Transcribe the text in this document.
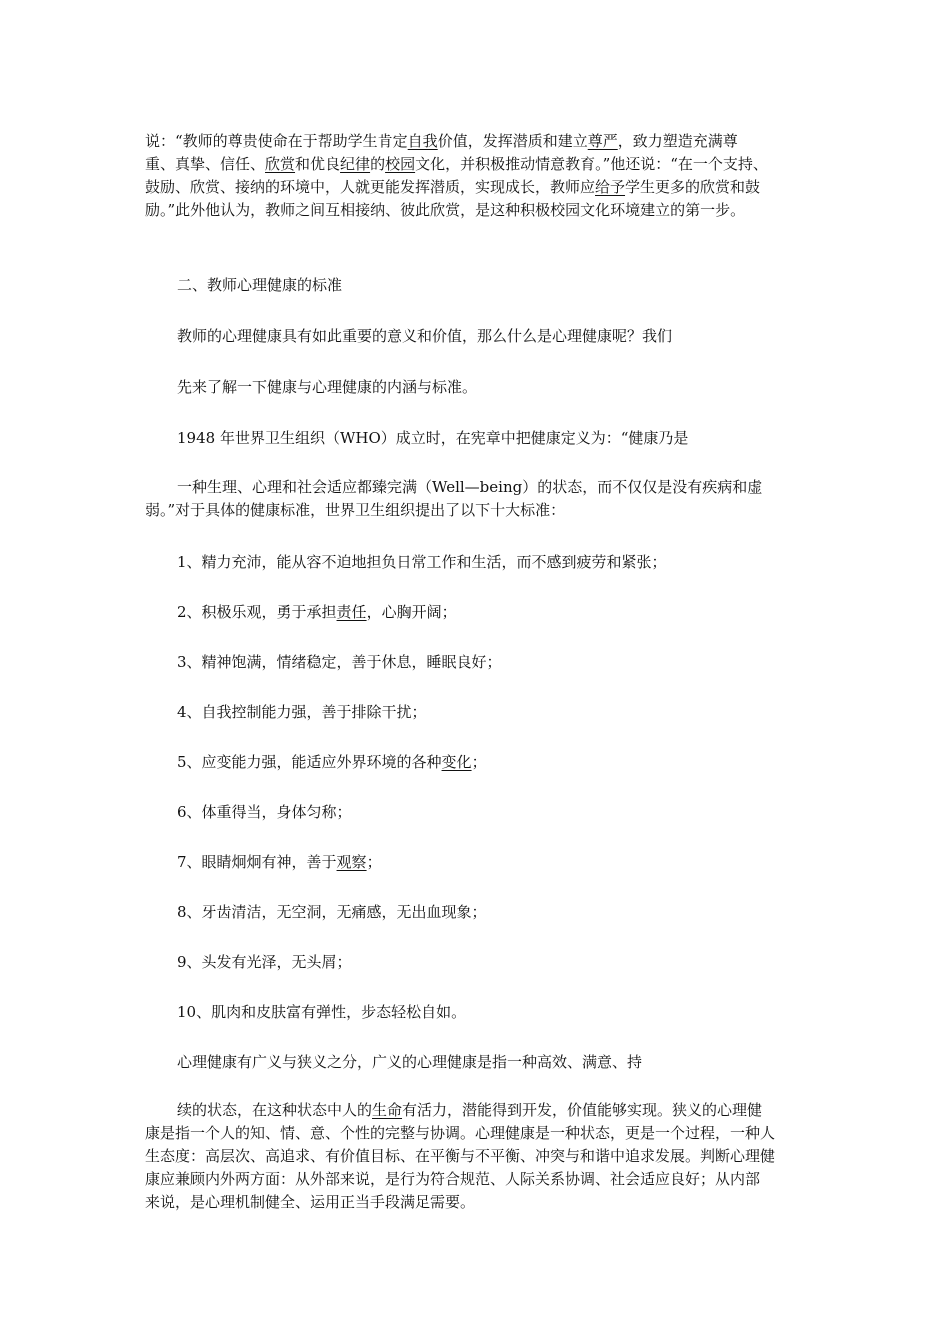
说：“教师的尊贵使命在于帮助学生肯定自我价值，发挥潜质和建立尊严，致力塑造充满尊
重、真挚、信任、欣赏和优良纪律的校园文化，并积极推动情意教育。”他还说：“在一个支持、
鼓励、欣赏、接纳的环境中，人就更能发挥潜质，实现成长，教师应给予学生更多的欣赏和鼓
励。”此外他认为，教师之间互相接纳、彼此欣赏，是这种积极校园文化环境建立的第一步。
二、教师心理健康的标准
教师的心理健康具有如此重要的意义和价值，那么什么是心理健康呢？我们
先来了解一下健康与心理健康的内涵与标准。
1948 年世界卫生组织（WHO）成立时，在宪章中把健康定义为：“健康乃是
一种生理、心理和社会适应都臻完满（Well—being）的状态，而不仅仅是没有疾病和虚
弱。”对于具体的健康标准，世界卫生组织提出了以下十大标准：
1、精力充沛，能从容不迫地担负日常工作和生活，而不感到疲劳和紧张；
2、积极乐观，勇于承担责任，心胸开阔；
3、精神饱满，情绪稳定，善于休息，睡眠良好；
4、自我控制能力强，善于排除干扰；
5、应变能力强，能适应外界环境的各种变化；
6、体重得当，身体匀称；
7、眼睛炯炯有神，善于观察；
8、牙齿清洁，无空洞，无痛感，无出血现象；
9、头发有光泽，无头屑；
10、肌肉和皮肤富有弹性，步态轻松自如。
心理健康有广义与狭义之分，广义的心理健康是指一种高效、满意、持
续的状态，在这种状态中人的生命有活力，潜能得到开发，价值能够实现。狭义的心理健
康是指一个人的知、情、意、个性的完整与协调。心理健康是一种状态，更是一个过程，一种人
生态度：高层次、高追求、有价值目标、在平衡与不平衡、冲突与和谐中追求发展。判断心理健
康应兼顾内外两方面：从外部来说，是行为符合规范、人际关系协调、社会适应良好；从内部
来说，是心理机制健全、运用正当手段满足需要。
